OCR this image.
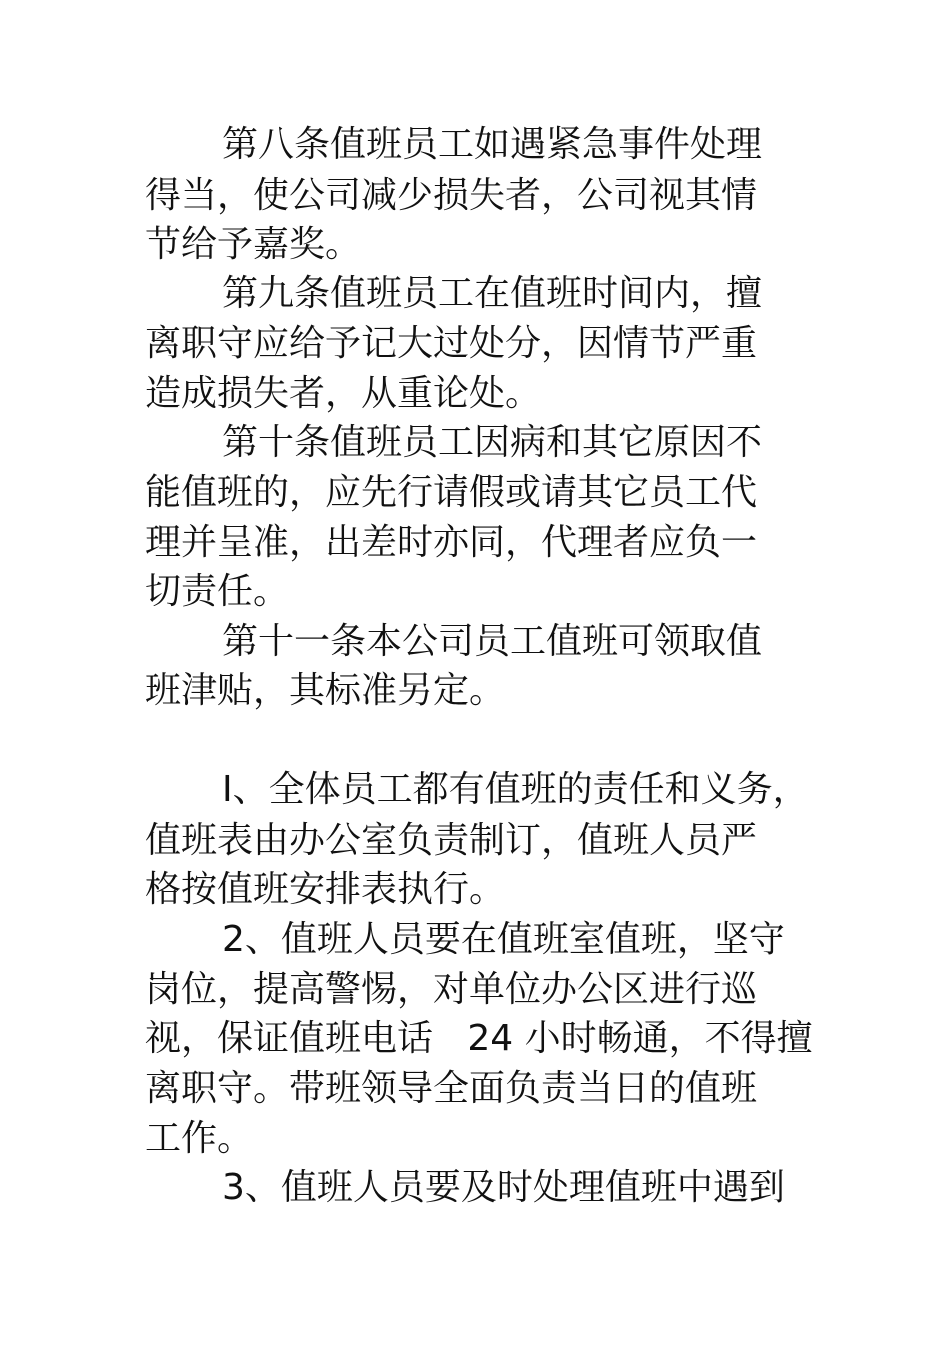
第八条值班员工如遇紧急事件处理
得当，使公司减少损失者，公司视其情
节给予嘉奖。
第九条值班员工在值班时间内，擅
离职守应给予记大过处分，因情节严重
造成损失者，从重论处。
第十条值班员工因病和其它原因不
能值班的，应先行请假或请其它员工代
理并呈准，出差时亦同，代理者应负一
切责任。
第十一条本公司员工值班可领取值
班津贴，其标准另定。
I、全体员工都有值班的责任和义务，
值班表由办公室负责制订，值班人员严
格按值班安排表执行。
2、值班人员要在值班室值班，坚守
岗位，提高警惕，对单位办公区进行巡
视，保证值班电话   24 小时畅通，不得擅
离职守。带班领导全面负责当日的值班
工作。
3、值班人员要及时处理值班中遇到
